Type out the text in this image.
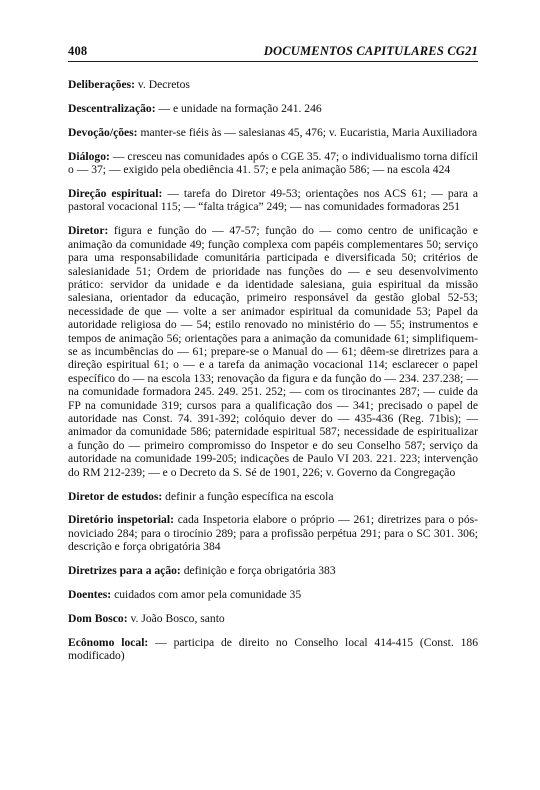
408	DOCUMENTOS CAPITULARES CG21

Deliberações: v. Decretos

Descentralização: — e unidade na formação 241. 246

Devoção/ções: manter-se fiéis às — salesianas 45, 476; v. Eucaristia, Maria Auxiliadora

Diálogo: — cresceu nas comunidades após o CGE 35. 47; o individualismo torna difícil o — 37; — exigido pela obediência 41. 57; e pela animação 586; — na escola 424

Direção espiritual: — tarefa do Diretor 49-53; orientações nos ACS 61; — para a pastoral vocacional 115; — “falta trágica” 249; — nas comunidades formadoras 251

Diretor: figura e função do — 47-57; função do — como centro de unificação e animação da comunidade 49; função complexa com papéis complementares 50; serviço para uma responsabilidade comunitária participada e diversificada 50; critérios de salesianidade 51; Ordem de prioridade nas funções do — e seu desenvolvimento prático: servidor da unidade e da identidade salesiana, guia espiritual da missão salesiana, orientador da educação, primeiro responsável da gestão global 52-53; necessidade de que — volte a ser animador espiritual da comunidade 53; Papel da autoridade religiosa do — 54; estilo renovado no ministério do — 55; instrumentos e tempos de animação 56; orientações para a animação da comunidade 61; simplifiquem-se as incumbências do — 61; prepare-se o Manual do — 61; dêem-se diretrizes para a direção espiritual 61; o — e a tarefa da animação vocacional 114; esclarecer o papel específico do — na escola 133; renovação da figura e da função do — 234. 237.238; — na comunidade formadora 245. 249. 251. 252; — com os tirocinantes 287; — cuide da FP na comunidade 319; cursos para a qualificação dos — 341; precisado o papel de autoridade nas Const. 74. 391-392; colóquio dever do — 435-436 (Reg. 71bis); — animador da comunidade 586; paternidade espiritual 587; necessidade de espiritualizar a função do — primeiro compromisso do Inspetor e do seu Conselho 587; serviço da autoridade na comunidade 199-205; indicações de Paulo VI 203. 221. 223; intervenção do RM 212-239; — e o Decreto da S. Sé de 1901, 226; v. Governo da Congregação

Diretor de estudos: definir a função específica na escola

Diretório inspetorial: cada Inspetoria elabore o próprio — 261; diretrizes para o pós-noviciado 284; para o tirocínio 289; para a profissão perpétua 291; para o SC 301. 306; descrição e força obrigatória 384

Diretrizes para a ação: definição e força obrigatória 383

Doentes: cuidados com amor pela comunidade 35

Dom Bosco: v. João Bosco, santo

Ecônomo local: — participa de direito no Conselho local 414-415 (Const. 186 modificado)
